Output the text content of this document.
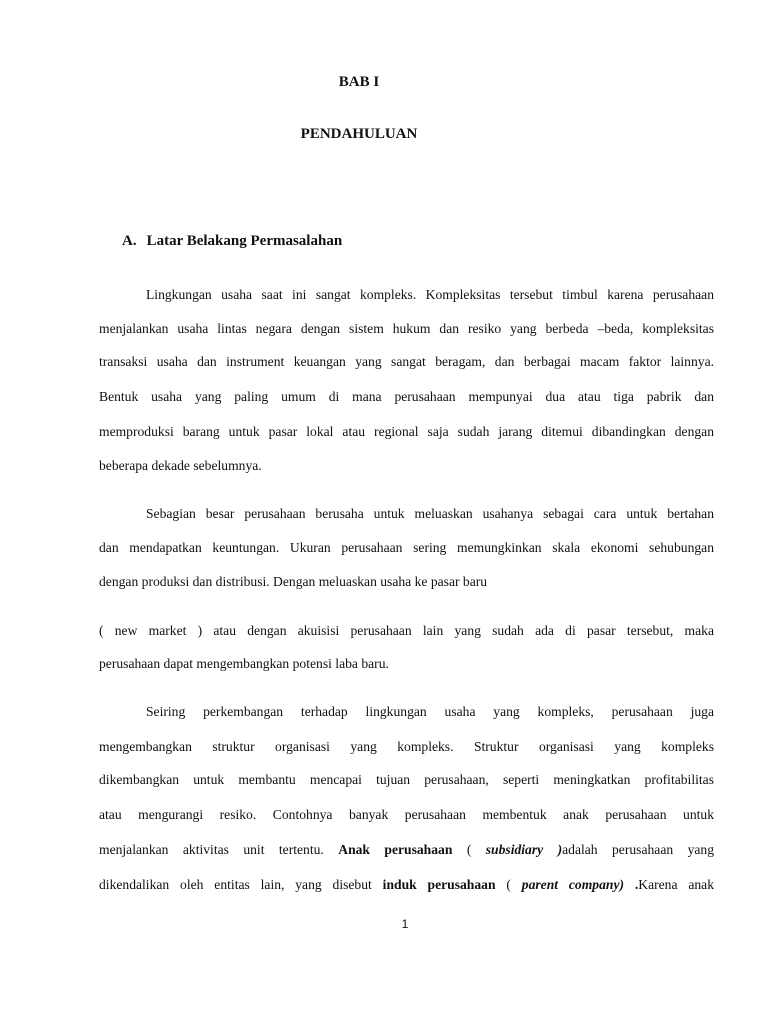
BAB I
PENDAHULUAN
A. Latar Belakang Permasalahan
Lingkungan usaha saat ini sangat kompleks. Kompleksitas tersebut timbul karena perusahaan
menjalankan usaha lintas negara dengan sistem hukum dan resiko yang berbeda –beda, kompleksitas
transaksi usaha dan instrument keuangan yang sangat beragam, dan berbagai macam faktor lainnya.
Bentuk usaha yang paling umum di mana perusahaan mempunyai dua atau tiga pabrik dan
memproduksi barang untuk pasar lokal atau regional saja sudah jarang ditemui dibandingkan dengan
beberapa dekade sebelumnya.
Sebagian besar perusahaan berusaha untuk meluaskan usahanya sebagai cara untuk bertahan
dan mendapatkan keuntungan. Ukuran perusahaan sering memungkinkan skala ekonomi sehubungan
dengan produksi dan distribusi. Dengan meluaskan usaha ke pasar baru
( new market ) atau dengan akuisisi perusahaan lain yang sudah ada di pasar tersebut, maka
perusahaan dapat mengembangkan potensi laba baru.
Seiring perkembangan terhadap lingkungan usaha yang kompleks, perusahaan juga
mengembangkan struktur organisasi yang kompleks. Struktur organisasi yang kompleks
dikembangkan untuk membantu mencapai tujuan perusahaan, seperti meningkatkan profitabilitas
atau mengurangi resiko. Contohnya banyak perusahaan membentuk anak perusahaan untuk
menjalankan aktivitas unit tertentu. Anak perusahaan ( subsidiary )adalah perusahaan yang
dikendalikan oleh entitas lain, yang disebut induk perusahaan ( parent company) .Karena anak
1
